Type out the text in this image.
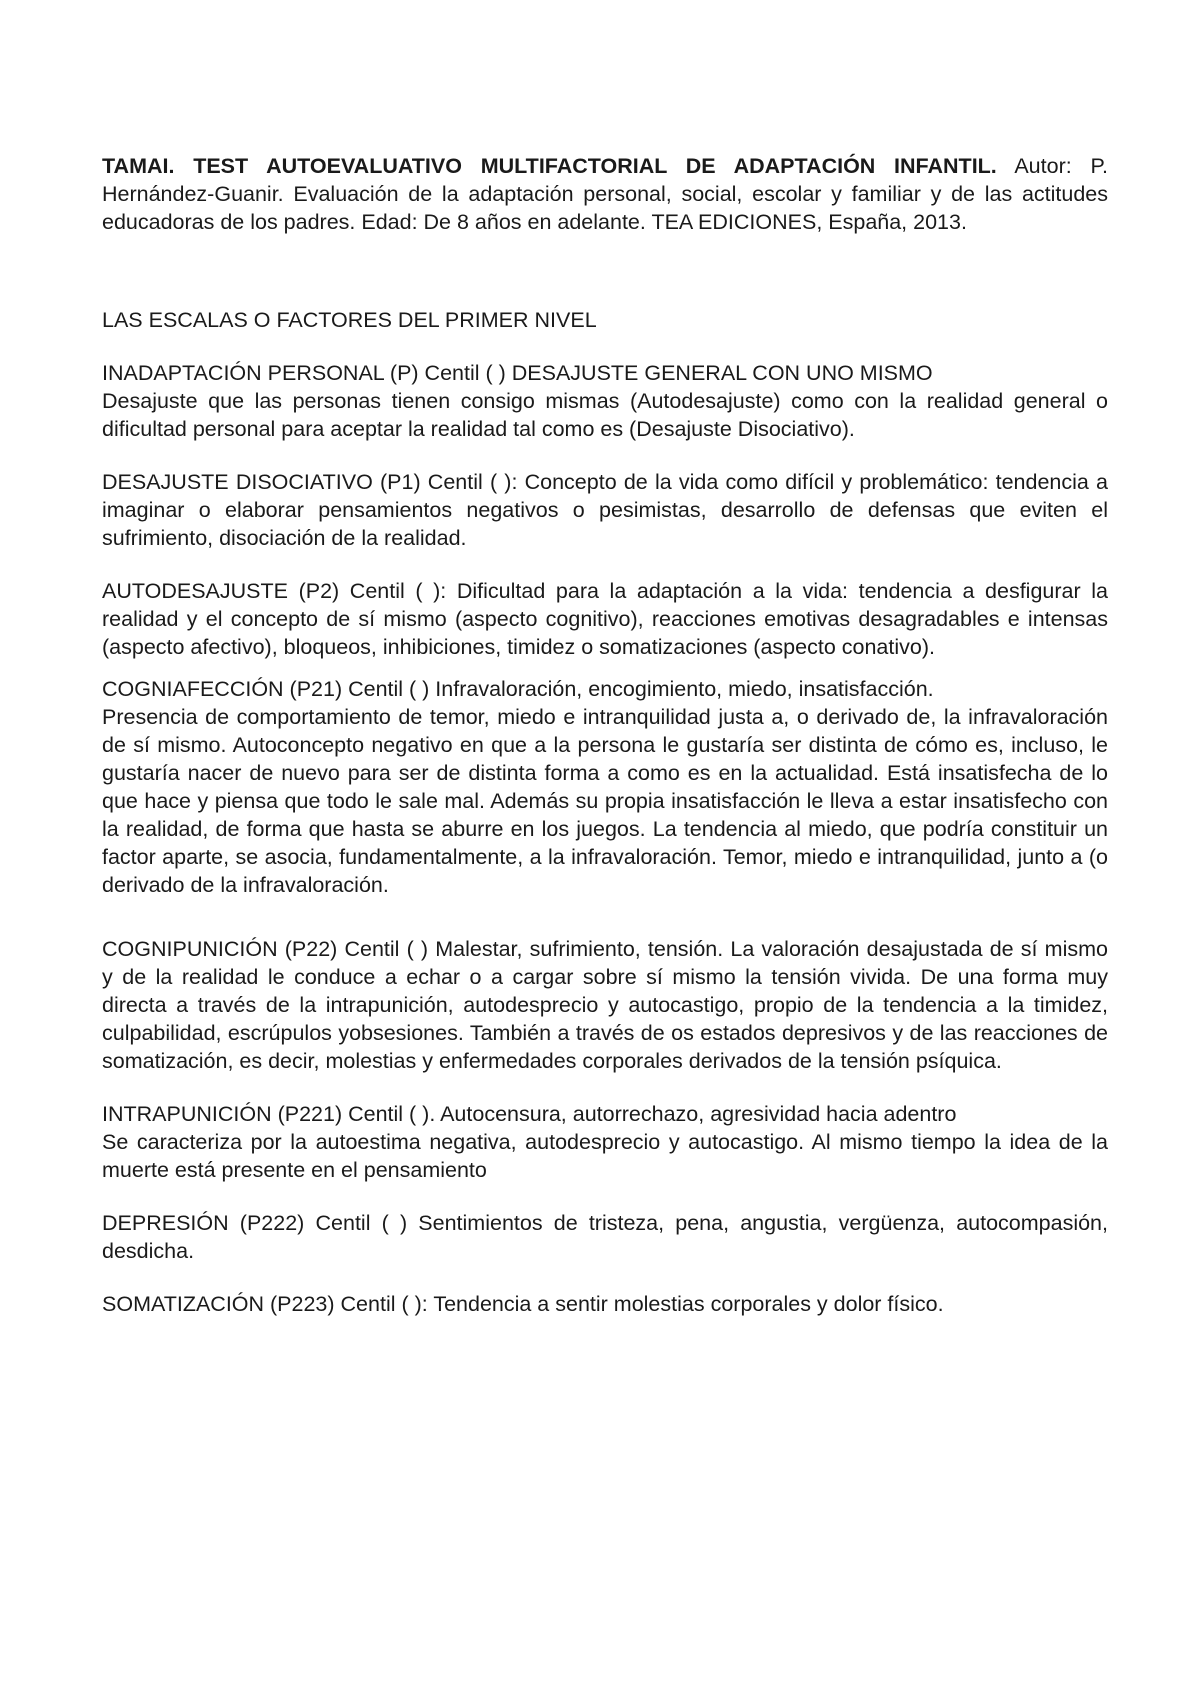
TAMAI. TEST AUTOEVALUATIVO MULTIFACTORIAL DE ADAPTACIÓN INFANTIL. Autor: P. Hernández-Guanir. Evaluación de la adaptación personal, social, escolar y familiar y de las actitudes educadoras de los padres. Edad: De 8 años en adelante. TEA EDICIONES, España, 2013.

LAS ESCALAS O FACTORES DEL PRIMER NIVEL

INADAPTACIÓN PERSONAL (P) Centil ( ) DESAJUSTE GENERAL CON UNO MISMO

Desajuste que las personas tienen consigo mismas (Autodesajuste) como con la realidad general o dificultad personal para aceptar la realidad tal como es (Desajuste Disociativo).

DESAJUSTE DISOCIATIVO (P1) Centil ( ): Concepto de la vida como difícil y problemático: tendencia a imaginar o elaborar pensamientos negativos o pesimistas, desarrollo de defensas que eviten el sufrimiento, disociación de la realidad.

AUTODESAJUSTE (P2) Centil ( ): Dificultad para la adaptación a la vida: tendencia a desfigurar la realidad y el concepto de sí mismo (aspecto cognitivo), reacciones emotivas desagradables e intensas (aspecto afectivo), bloqueos, inhibiciones, timidez o somatizaciones (aspecto conativo).

COGNIAFECCIÓN (P21) Centil ( ) Infravaloración, encogimiento, miedo, insatisfacción.

Presencia de comportamiento de temor, miedo e intranquilidad justa a, o derivado de, la infravaloración de sí mismo. Autoconcepto negativo en que a la persona le gustaría ser distinta de cómo es, incluso, le gustaría nacer de nuevo para ser de distinta forma a como es en la actualidad. Está insatisfecha de lo que hace y piensa que todo le sale mal. Además su propia insatisfacción le lleva a estar insatisfecho con la realidad, de forma que hasta se aburre en los juegos. La tendencia al miedo, que podría constituir un factor aparte, se asocia, fundamentalmente, a la infravaloración. Temor, miedo e intranquilidad, junto a (o derivado de la infravaloración.

COGNIPUNICIÓN (P22) Centil ( ) Malestar, sufrimiento, tensión. La valoración desajustada de sí mismo y de la realidad le conduce a echar o a cargar sobre sí mismo la tensión vivida. De una forma muy directa a través de la intrapunición, autodesprecio y autocastigo, propio de la tendencia a la timidez, culpabilidad, escrúpulos yobsesiones. También a través de os estados depresivos y de las reacciones de somatización, es decir, molestias y enfermedades corporales derivados de la tensión psíquica.

INTRAPUNICIÓN (P221) Centil ( ). Autocensura, autorrechazo, agresividad hacia adentro

Se caracteriza por la autoestima negativa, autodesprecio y autocastigo. Al mismo tiempo la idea de la muerte está presente en el pensamiento

DEPRESIÓN (P222) Centil ( ) Sentimientos de tristeza, pena, angustia, vergüenza, autocompasión, desdicha.

SOMATIZACIÓN (P223) Centil ( ): Tendencia a sentir molestias corporales y dolor físico.
